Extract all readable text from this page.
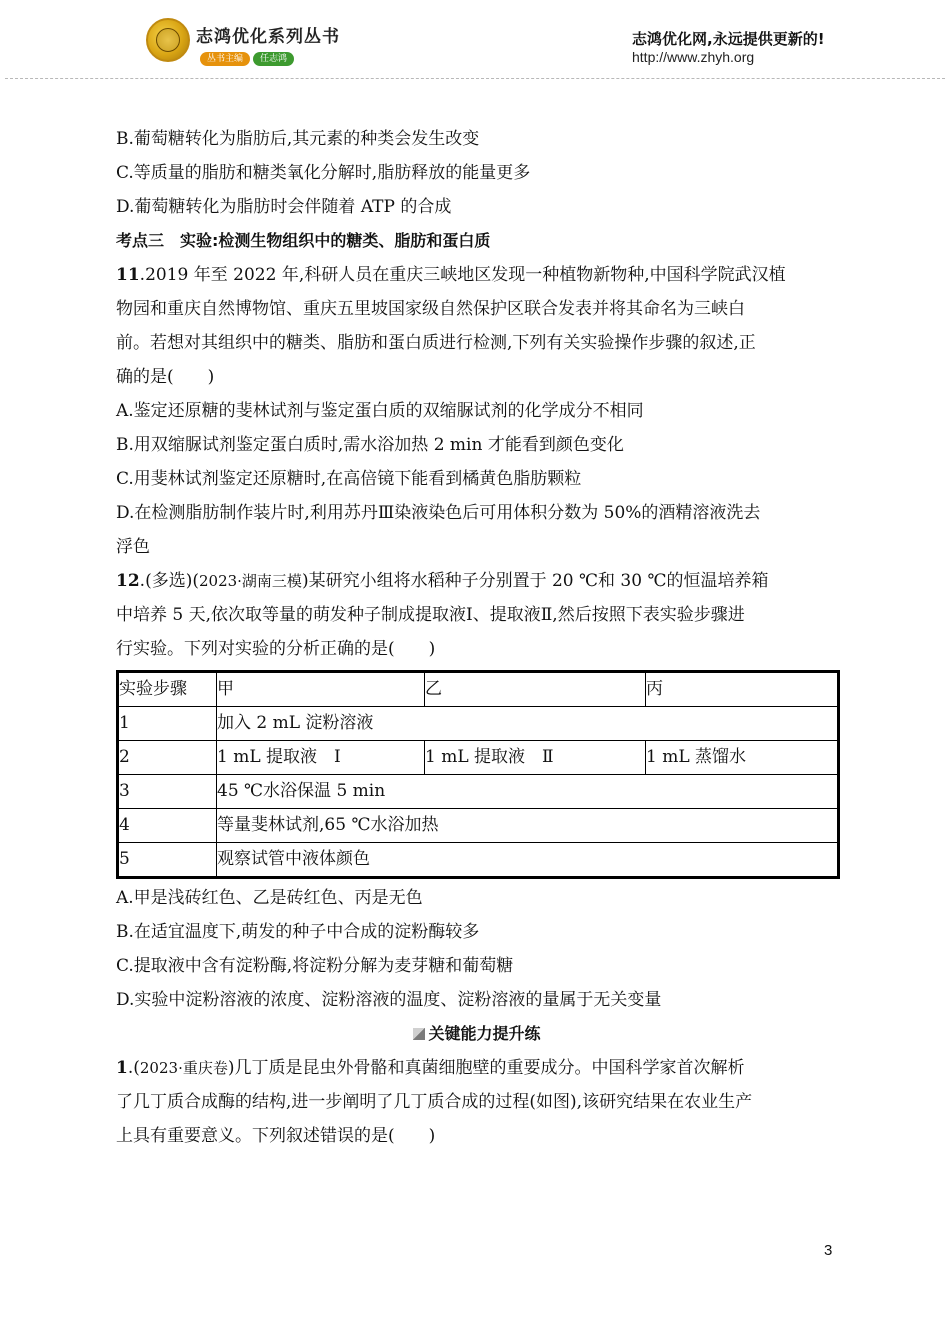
志鸿优化系列丛书
丛书主编 任志鸿
志鸿优化网,永远提供更新的!
http://www.zhyh.org
B.葡萄糖转化为脂肪后,其元素的种类会发生改变
C.等质量的脂肪和糖类氧化分解时,脂肪释放的能量更多
D.葡萄糖转化为脂肪时会伴随着 ATP 的合成
考点三　实验:检测生物组织中的糖类、脂肪和蛋白质
11.2019 年至 2022 年,科研人员在重庆三峡地区发现一种植物新物种,中国科学院武汉植
物园和重庆自然博物馆、重庆五里坡国家级自然保护区联合发表并将其命名为三峡白
前。若想对其组织中的糖类、脂肪和蛋白质进行检测,下列有关实验操作步骤的叙述,正
确的是(　　)
A.鉴定还原糖的斐林试剂与鉴定蛋白质的双缩脲试剂的化学成分不相同
B.用双缩脲试剂鉴定蛋白质时,需水浴加热 2 min 才能看到颜色变化
C.用斐林试剂鉴定还原糖时,在高倍镜下能看到橘黄色脂肪颗粒
D.在检测脂肪制作装片时,利用苏丹Ⅲ染液染色后可用体积分数为 50%的酒精溶液洗去
浮色
12.(多选)(2023·湖南三模)某研究小组将水稻种子分别置于 20 ℃和 30 ℃的恒温培养箱
中培养 5 天,依次取等量的萌发种子制成提取液Ⅰ、提取液Ⅱ,然后按照下表实验步骤进
行实验。下列对实验的分析正确的是(　　)
实验步骤	甲	乙	丙
1	加入 2 mL 淀粉溶液		
2	1 mL 提取液　Ⅰ	1 mL 提取液　Ⅱ	1 mL 蒸馏水
3	45 ℃水浴保温 5 min		
4	等量斐林试剂,65 ℃水浴加热		
5	观察试管中液体颜色		
A.甲是浅砖红色、乙是砖红色、丙是无色
B.在适宜温度下,萌发的种子中合成的淀粉酶较多
C.提取液中含有淀粉酶,将淀粉分解为麦芽糖和葡萄糖
D.实验中淀粉溶液的浓度、淀粉溶液的温度、淀粉溶液的量属于无关变量
关键能力提升练
1.(2023·重庆卷)几丁质是昆虫外骨骼和真菌细胞壁的重要成分。中国科学家首次解析
了几丁质合成酶的结构,进一步阐明了几丁质合成的过程(如图),该研究结果在农业生产
上具有重要意义。下列叙述错误的是(　　)
3
